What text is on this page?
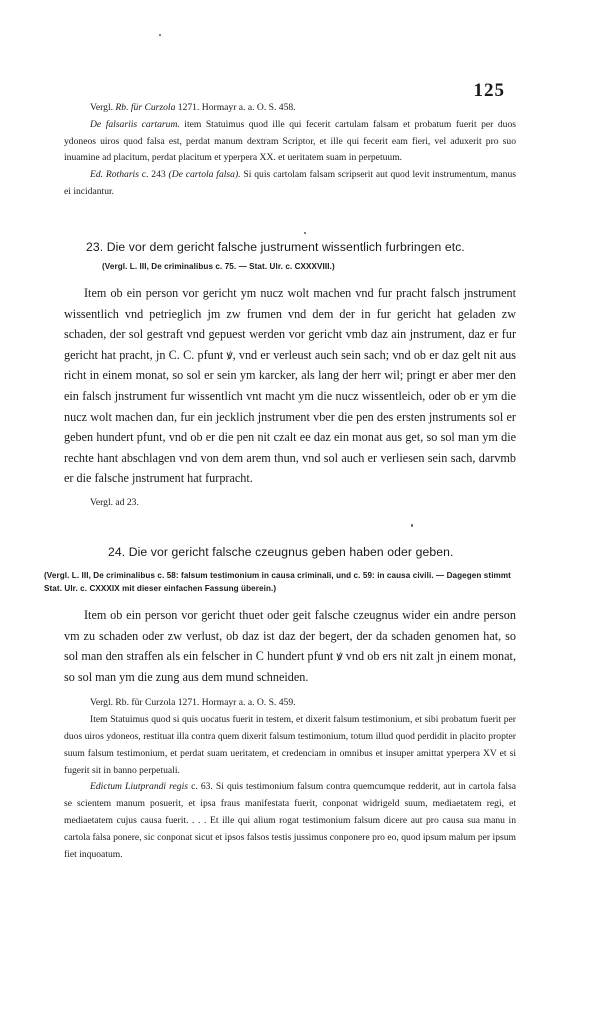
125

Vergl. Rb. für Curzola 1271. Hormayr a. a. O. S. 458.

De falsariis cartarum. item Statuimus quod ille qui fecerit cartulam falsam et probatum fuerit per duos ydoneos uiros quod falsa est, perdat manum dextram Scriptor, et ille qui fecerit eam fieri, vel aduxerit pro suo inuamine ad placitum, perdat placitum et yperpera XX. et ueritatem suam in perpetuum.

Ed. Rotharis c. 243 (De cartola falsa). Si quis cartolam falsam scripserit aut quod levit instrumentum, manus ei incidantur.

23. Die vor dem gericht falsche justrument wissentlich furbringen etc.
(Vergl. L. III, De criminalibus c. 75. — Stat. Ulr. c. CXXXVIII.)

Item ob ein person vor gericht ym nucz wolt machen vnd fur pracht falsch jnstrument wissentlich vnd petrieglich jm zw frumen vnd dem der in fur gericht hat geladen zw schaden, der sol gestraft vnd gepuest werden vor gericht vmb daz ain jnstrument, daz er fur gericht hat pracht, jn C. C. pfunt ꝟ, vnd er verleust auch sein sach; vnd ob er daz gelt nit aus richt in einem monat, so sol er sein ym karcker, als lang der herr wil; pringt er aber mer den ein falsch jnstrument fur wissentlich vnt macht ym die nucz wissentleich, oder ob er ym die nucz wolt machen dan, fur ein jecklich jnstrument vber die pen des ersten jnstruments sol er geben hundert pfunt, vnd ob er die pen nit czalt ee daz ein monat aus get, so sol man ym die rechte hant abschlagen vnd von dem arem thun, vnd sol auch er verliesen sein sach, darvmb er die falsche jnstrument hat furpracht.

Vergl. ad 23.
24. Die vor gericht falsche czeugnus geben haben oder geben.
(Vergl. L. III, De criminalibus c. 58: falsum testimonium in causa criminali, und c. 59: in causa civili. — Dagegen stimmt Stat. Ulr. c. CXXXIX mit dieser einfachen Fassung überein.)

Item ob ein person vor gericht thuet oder geit falsche czeugnus wider ein andre person vm zu schaden oder zw verlust, ob daz ist daz der begert, der da schaden genomen hat, so sol man den straffen als ein felscher in C hundert pfunt ꝟ vnd ob ers nit zalt jn einem monat, so sol man ym die zung aus dem mund schneiden.

Vergl. Rb. für Curzola 1271. Hormayr a. a. O. S. 459.

Item Statuimus quod si quis uocatus fuerit in testem, et dixerit falsum testimonium, et sibi probatum fuerit per duos uiros ydoneos, restituat illa contra quem dixerit falsum testimonium, totum illud quod perdidit in placito propter suum falsum testimonium, et perdat suam ueritatem, et credenciam in omnibus et insuper amittat yperpera XV et si fugerit sit in banno perpetuali.

Edictum Liutprandi regis c. 63. Si quis testimonium falsum contra quemcumque redderit, aut in cartola falsa se scientem manum posuerit, et ipsa fraus manifestata fuerit, conponat widrigeld suum, mediaetatem regi, et mediaetatem cujus causa fuerit. . . . Et ille qui alium rogat testimonium falsum dicere aut pro causa sua manu in cartola falsa ponere, sic conponat sicut et ipsos falsos testis jussimus conponere pro eo, quod ipsum malum per ipsum fiet inquoatum.
